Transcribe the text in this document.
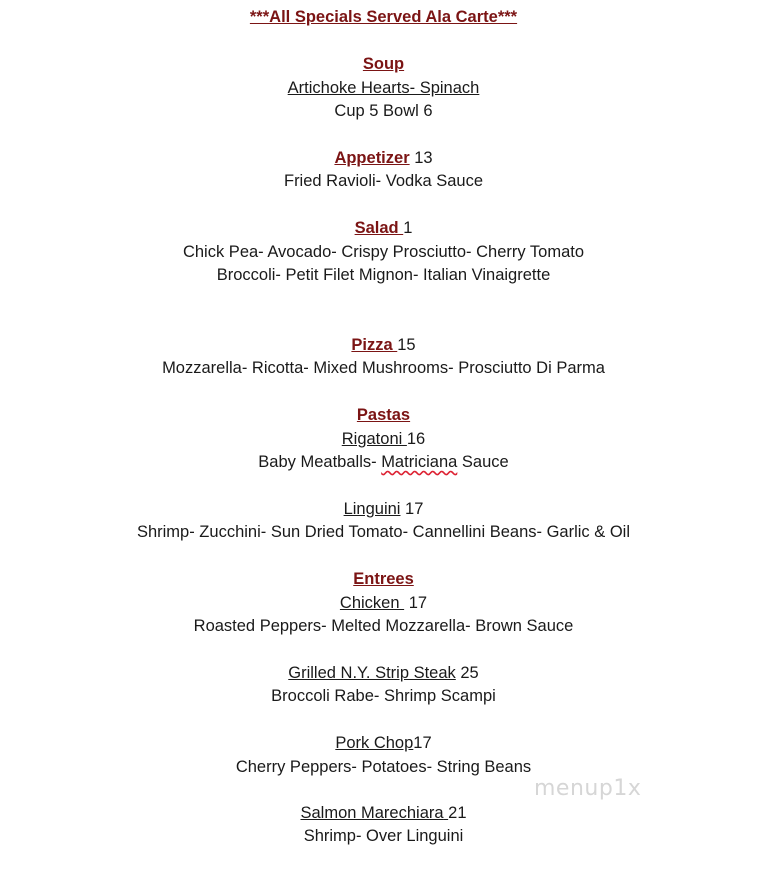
***All Specials Served Ala Carte***
Soup
Artichoke Hearts- Spinach
Cup 5 Bowl 6
Appetizer 13
Fried Ravioli- Vodka Sauce
Salad 1
Chick Pea- Avocado- Crispy Prosciutto- Cherry Tomato
Broccoli- Petit Filet Mignon- Italian Vinaigrette
Pizza 15
Mozzarella- Ricotta- Mixed Mushrooms- Prosciutto Di Parma
Pastas
Rigatoni 16
Baby Meatballs- Matriciana Sauce
Linguini 17
Shrimp- Zucchini- Sun Dried Tomato- Cannellini Beans- Garlic & Oil
Entrees
Chicken  17
Roasted Peppers- Melted Mozzarella- Brown Sauce
Grilled N.Y. Strip Steak 25
Broccoli Rabe- Shrimp Scampi
Pork Chop17
Cherry Peppers- Potatoes- String Beans
Salmon Marechiara 21
Shrimp- Over Linguini
menup1x
